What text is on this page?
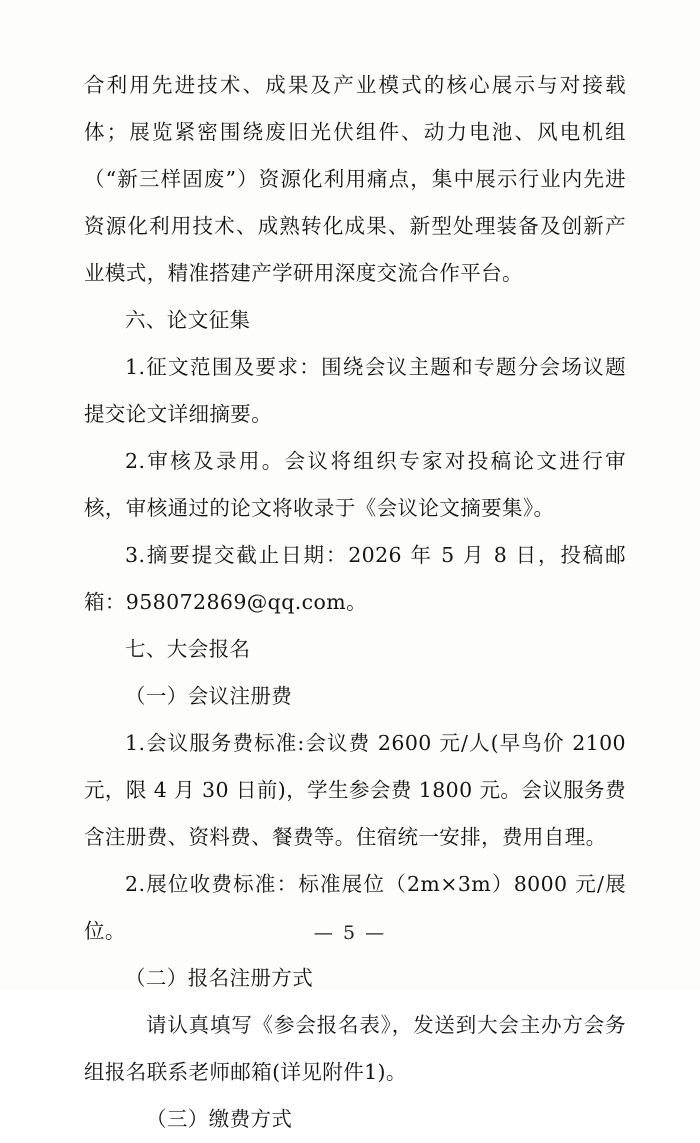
合利用先进技术、成果及产业模式的核心展示与对接载体；展览紧密围绕废旧光伏组件、动力电池、风电机组（“新三样固废”）资源化利用痛点，集中展示行业内先进资源化利用技术、成熟转化成果、新型处理装备及创新产业模式，精准搭建产学研用深度交流合作平台。

六、论文征集

1.征文范围及要求：围绕会议主题和专题分会场议题提交论文详细摘要。

2.审核及录用。会议将组织专家对投稿论文进行审核，审核通过的论文将收录于《会议论文摘要集》。

3.摘要提交截止日期：2026 年 5 月 8 日，投稿邮箱：958072869@qq.com。

七、大会报名

（一）会议注册费

1.会议服务费标准:会议费 2600 元/人(早鸟价 2100 元，限 4 月 30 日前)，学生参会费 1800 元。会议服务费含注册费、资料费、餐费等。住宿统一安排，费用自理。

2.展位收费标准：标准展位（2m×3m）8000 元/展位。

（二）报名注册方式

请认真填写《参会报名表》，发送到大会主办方会务组报名联系老师邮箱(详见附件1)。

（三）缴费方式

— 5 —
